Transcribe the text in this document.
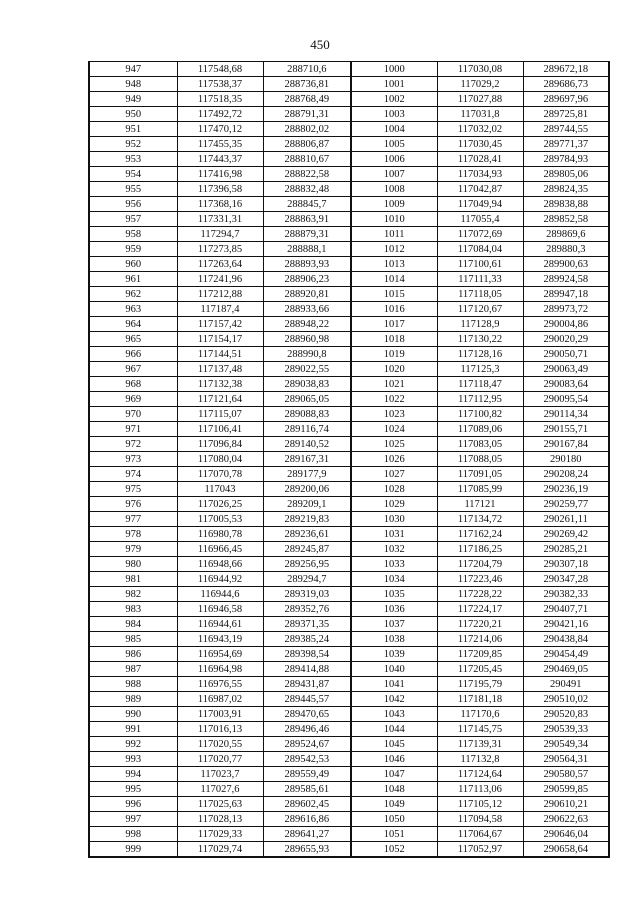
450
947	117548,68	288710,6	1000	117030,08	289672,18
948	117538,37	288736,81	1001	117029,2	289686,73
949	117518,35	288768,49	1002	117027,88	289697,96
950	117492,72	288791,31	1003	117031,8	289725,81
951	117470,12	288802,02	1004	117032,02	289744,55
952	117455,35	288806,87	1005	117030,45	289771,37
953	117443,37	288810,67	1006	117028,41	289784,93
954	117416,98	288822,58	1007	117034,93	289805,06
955	117396,58	288832,48	1008	117042,87	289824,35
956	117368,16	288845,7	1009	117049,94	289838,88
957	117331,31	288863,91	1010	117055,4	289852,58
958	117294,7	288879,31	1011	117072,69	289869,6
959	117273,85	288888,1	1012	117084,04	289880,3
960	117263,64	288893,93	1013	117100,61	289900,63
961	117241,96	288906,23	1014	117111,33	289924,58
962	117212,88	288920,81	1015	117118,05	289947,18
963	117187,4	288933,66	1016	117120,67	289973,72
964	117157,42	288948,22	1017	117128,9	290004,86
965	117154,17	288960,98	1018	117130,22	290020,29
966	117144,51	288990,8	1019	117128,16	290050,71
967	117137,48	289022,55	1020	117125,3	290063,49
968	117132,38	289038,83	1021	117118,47	290083,64
969	117121,64	289065,05	1022	117112,95	290095,54
970	117115,07	289088,83	1023	117100,82	290114,34
971	117106,41	289116,74	1024	117089,06	290155,71
972	117096,84	289140,52	1025	117083,05	290167,84
973	117080,04	289167,31	1026	117088,05	290180
974	117070,78	289177,9	1027	117091,05	290208,24
975	117043	289200,06	1028	117085,99	290236,19
976	117026,25	289209,1	1029	117121	290259,77
977	117005,53	289219,83	1030	117134,72	290261,11
978	116980,78	289236,61	1031	117162,24	290269,42
979	116966,45	289245,87	1032	117186,25	290285,21
980	116948,66	289256,95	1033	117204,79	290307,18
981	116944,92	289294,7	1034	117223,46	290347,28
982	116944,6	289319,03	1035	117228,22	290382,33
983	116946,58	289352,76	1036	117224,17	290407,71
984	116944,61	289371,35	1037	117220,21	290421,16
985	116943,19	289385,24	1038	117214,06	290438,84
986	116954,69	289398,54	1039	117209,85	290454,49
987	116964,98	289414,88	1040	117205,45	290469,05
988	116976,55	289431,87	1041	117195,79	290491
989	116987,02	289445,57	1042	117181,18	290510,02
990	117003,91	289470,65	1043	117170,6	290520,83
991	117016,13	289496,46	1044	117145,75	290539,33
992	117020,55	289524,67	1045	117139,31	290549,34
993	117020,77	289542,53	1046	117132,8	290564,31
994	117023,7	289559,49	1047	117124,64	290580,57
995	117027,6	289585,61	1048	117113,06	290599,85
996	117025,63	289602,45	1049	117105,12	290610,21
997	117028,13	289616,86	1050	117094,58	290622,63
998	117029,33	289641,27	1051	117064,67	290646,04
999	117029,74	289655,93	1052	117052,97	290658,64
